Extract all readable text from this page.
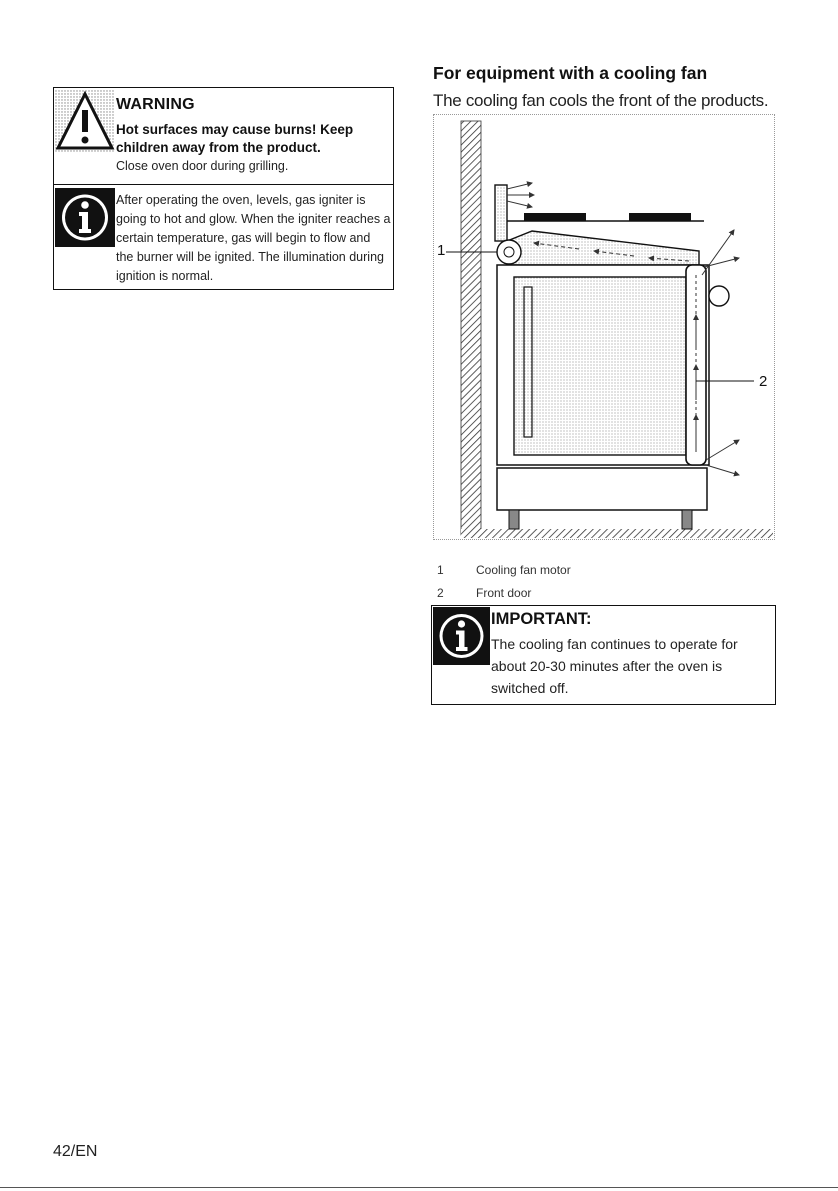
WARNING
Hot surfaces may cause burns! Keep children away from the product.
Close oven door during grilling.
After operating the oven, levels, gas igniter is going to hot and glow. When the igniter reaches a certain temperature, gas will begin to flow and the burner will be ignited. The illumination during ignition is normal.
For equipment with a cooling fan
The cooling fan cools the front of the products.
1
2
1	Cooling fan motor
2	Front door
IMPORTANT:
The cooling fan continues to operate for about 20-30 minutes after the oven is switched off.
42/EN
